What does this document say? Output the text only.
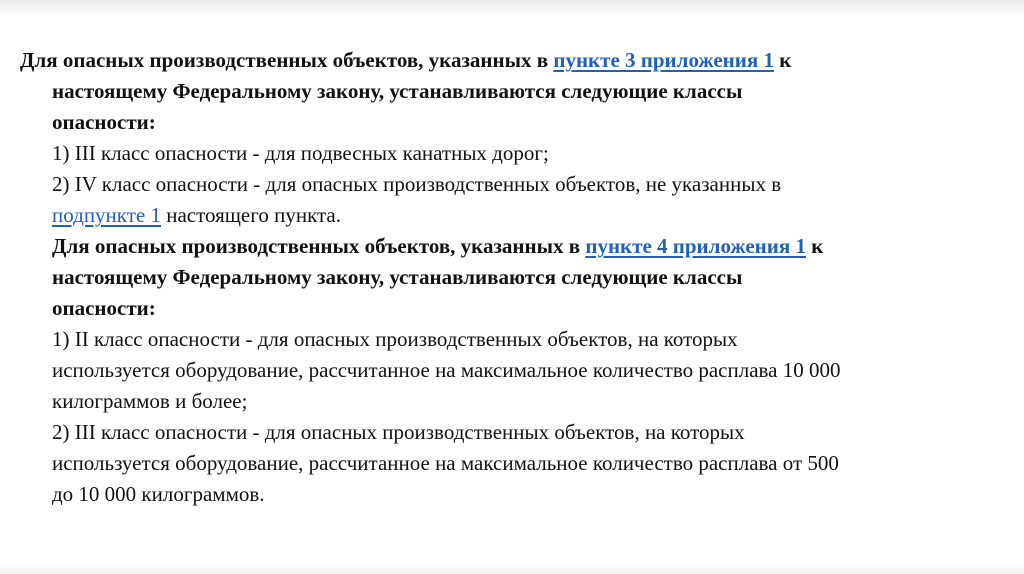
Для опасных производственных объектов, указанных в пункте 3 приложения 1 к
настоящему Федеральному закону, устанавливаются следующие классы
опасности:
1) III класс опасности - для подвесных канатных дорог;
2) IV класс опасности - для опасных производственных объектов, не указанных в
подпункте 1 настоящего пункта.
Для опасных производственных объектов, указанных в пункте 4 приложения 1 к
настоящему Федеральному закону, устанавливаются следующие классы
опасности:
1) II класс опасности - для опасных производственных объектов, на которых
используется оборудование, рассчитанное на максимальное количество расплава 10 000
килограммов и более;
2) III класс опасности - для опасных производственных объектов, на которых
используется оборудование, рассчитанное на максимальное количество расплава от 500
до 10 000 килограммов.
